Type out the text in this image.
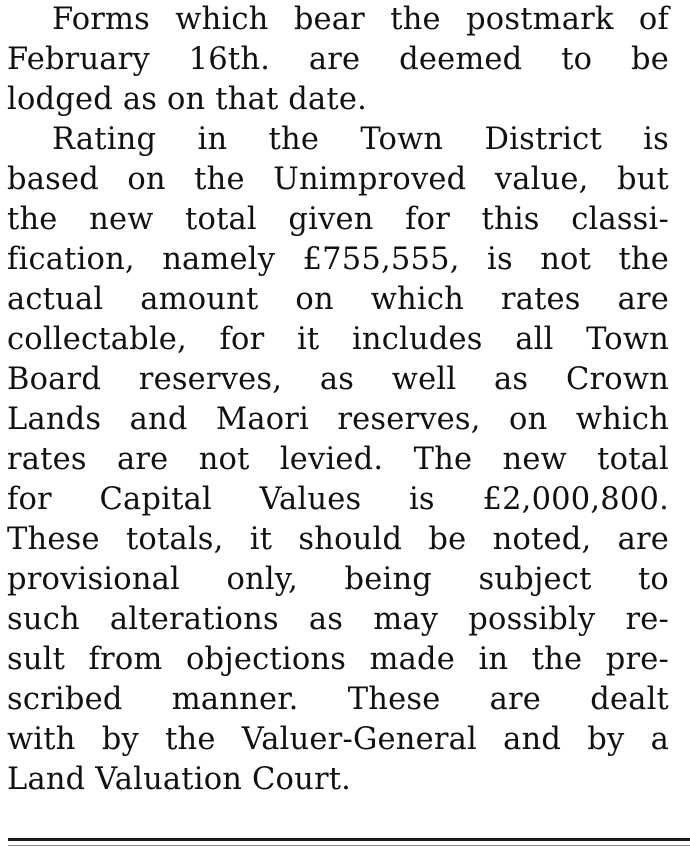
Forms which bear the postmark of
February 16th. are deemed to be
lodged as on that date.
Rating in the Town District is
based on the Unimproved value, but
the new total given for this classi-
fication, namely £755,555, is not the
actual amount on which rates are
collectable, for it includes all Town
Board reserves, as well as Crown
Lands and Maori reserves, on which
rates are not levied. The new total
for Capital Values is £2,000,800.
These totals, it should be noted, are
provisional only, being subject to
such alterations as may possibly re-
sult from objections made in the pre-
scribed manner. These are dealt
with by the Valuer-General and by a
Land Valuation Court.
